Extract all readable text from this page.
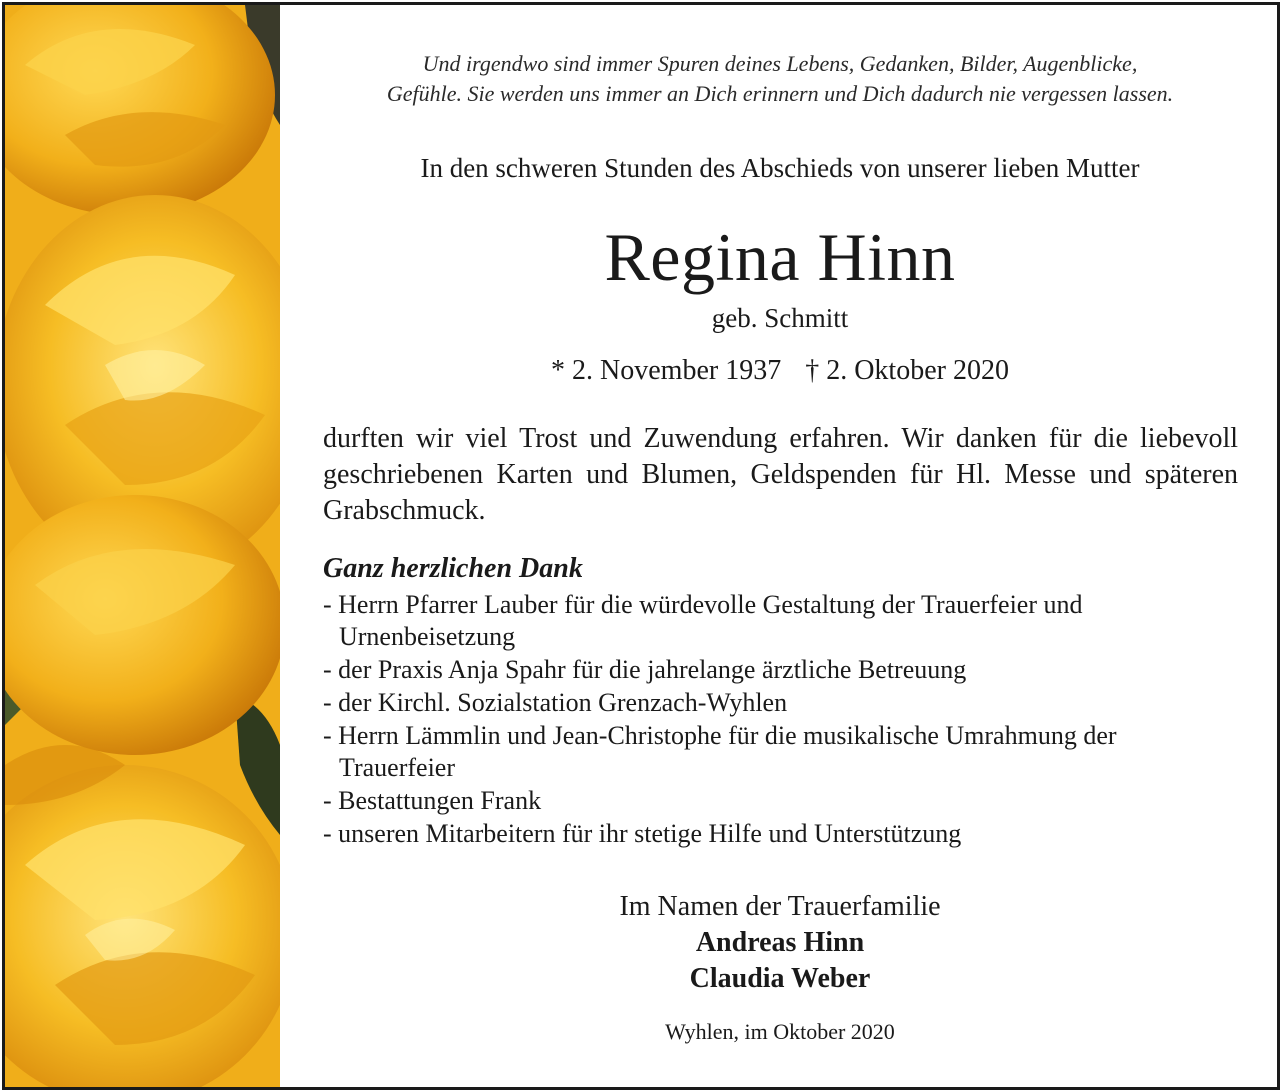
Und irgendwo sind immer Spuren deines Lebens, Gedanken, Bilder, Augenblicke,

Gefühle. Sie werden uns immer an Dich erinnern und Dich dadurch nie vergessen lassen.

In den schweren Stunden des Abschieds von unserer lieben Mutter

Regina Hinn

geb. Schmitt

* 2. November 1937 † 2. Oktober 2020

durften wir viel Trost und Zuwendung erfahren. Wir danken für die liebevoll geschriebenen Karten und Blumen, Geldspenden für Hl. Messe und späteren Grabschmuck.

Ganz herzlichen Dank

- Herrn Pfarrer Lauber für die würdevolle Gestaltung der Trauerfeier und Urnenbeisetzung
- der Praxis Anja Spahr für die jahrelange ärztliche Betreuung
- der Kirchl. Sozialstation Grenzach-Wyhlen
- Herrn Lämmlin und Jean-Christophe für die musikalische Umrahmung der Trauerfeier
- Bestattungen Frank
- unseren Mitarbeitern für ihr stetige Hilfe und Unterstützung

Im Namen der Trauerfamilie

Andreas Hinn

Claudia Weber

Wyhlen, im Oktober 2020
